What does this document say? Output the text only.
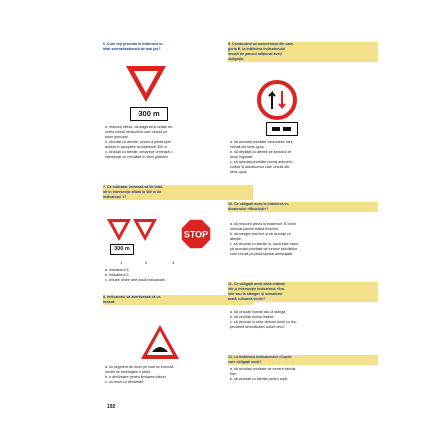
6. Cum veți proceda la întâlnirea în-
întâi semnalizatorului de mai jos?
300 m
a. reduceți viteza, vă asigurați și cedați tre-
cerea numai vehiculelor care circulă pe
drum principal
b. circulați cu atenție, pentru a preda spre
acesta în apropiere la maximum 300 m
c. circulați cu atenție, deoarece urmează o
intersecție cu circulație în sens giratoriu
7. Ce indicator urmează să fie întâl-
nit în intersecția aflată la 300 m de
indicatorul 1?
STOP
300 m
1	2	3
a. indicatorul 3;
b. indicatorul 2;
c. oricare dintre cele două indicatoare.
8. Indicatorul vă avertizează că ur-
mează:
a. un segment de drum pe care se execută
lucrări de amenajare a părții;
b. o denivelare pentru limitarea vitezei;
c. un drum cu denivelări.
192
9. Conducând un autovehicul din cate-
goria B, la întâlnirea indicatorului
însoțit de panoul adițional aveți
obligația:
a. să acordați prioritate vehiculelor care
circulă din sens opus;
b. să depășiți cu atenție pe sectorul de
drum îngustat;
c. să acordați prioritate numai autovehi-
culelor și autobuzelor care circulă din
sens opus.
10. Ce obligații aveți la întâlnirea in-
dicatorului «Bicicliști»?
a. să reduceți viteza la maximum 30 km/h
întrucât panoul indică bicicliști;
b. să mergeți mai lent și să circulați cu
atenție;
c. să circulați cu atenție și, dacă este cazul,
să acordați prioritate de trecere bicicliștilor
care circulă pe pista special amenajată.
11. Ce obligații aveți dacă întâlniți
într-o intersecție indicatorul «Îna-
inte sau la stânga» și semaforul
arată culoarea verde?
a. să circulați înainte sau la stânga;
b. să circulați numai înainte;
c. să circulați în orice direcție doriți cu res-
pectarea semnificației culorii verzi.
12. La întâlnirea indicatorului «Copii»
care obligații aveți?
a. să acordați prioritate de trecere bicicliș-
tilor;
b. să circulați cu atenție pentru copii.
